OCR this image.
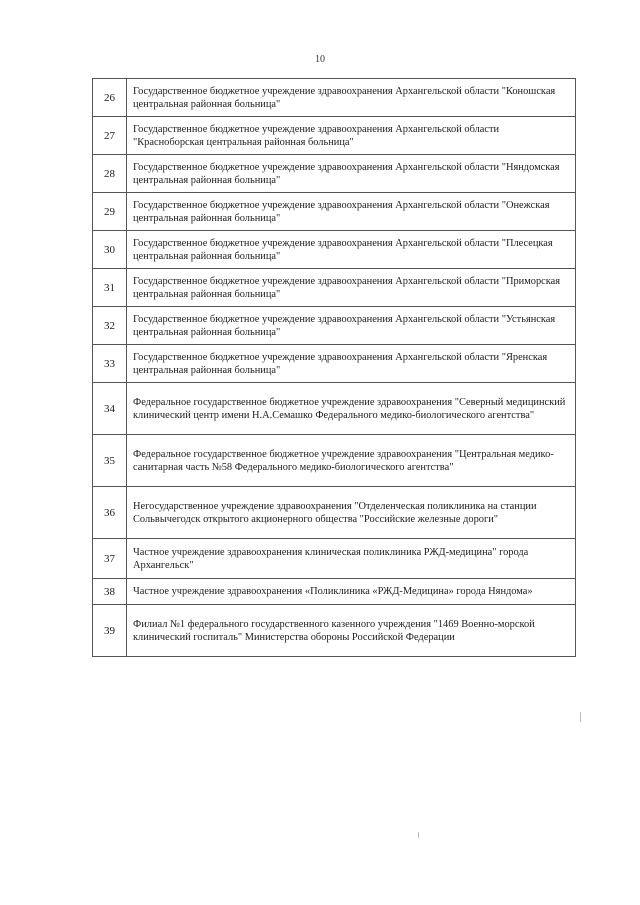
10
26	Государственное бюджетное учреждение здравоохранения Архангельской области "Коношская центральная районная больница"
27	Государственное бюджетное учреждение здравоохранения Архангельской области "Красноборская центральная районная больница"
28	Государственное бюджетное учреждение здравоохранения Архангельской области "Няндомская центральная районная больница"
29	Государственное бюджетное учреждение здравоохранения Архангельской области "Онежская центральная районная больница"
30	Государственное бюджетное учреждение здравоохранения Архангельской области "Плесецкая центральная районная больница"
31	Государственное бюджетное учреждение здравоохранения Архангельской области "Приморская центральная районная больница"
32	Государственное бюджетное учреждение здравоохранения Архангельской области "Устьянская центральная районная больница"
33	Государственное бюджетное учреждение здравоохранения Архангельской области "Яренская центральная районная больница"
34	Федеральное государственное бюджетное учреждение здравоохранения "Северный медицинский клинический центр имени Н.А.Семашко Федерального медико-биологического агентства"
35	Федеральное государственное бюджетное учреждение здравоохранения "Центральная медико-санитарная часть №58 Федерального медико-биологического агентства"
36	Негосударственное учреждение здравоохранения "Отделенческая поликлиника на станции Сольвычегодск открытого акционерного общества "Российские железные дороги"
37	Частное учреждение здравоохранения клиническая поликлиника РЖД-медицина" города Архангельск"
38	Частное учреждение здравоохранения «Поликлиника «РЖД-Медицина» города Няндома»
39	Филиал №1 федерального государственного казенного учреждения "1469 Военно-морской клинический госпиталь" Министерства обороны Российской Федерации
